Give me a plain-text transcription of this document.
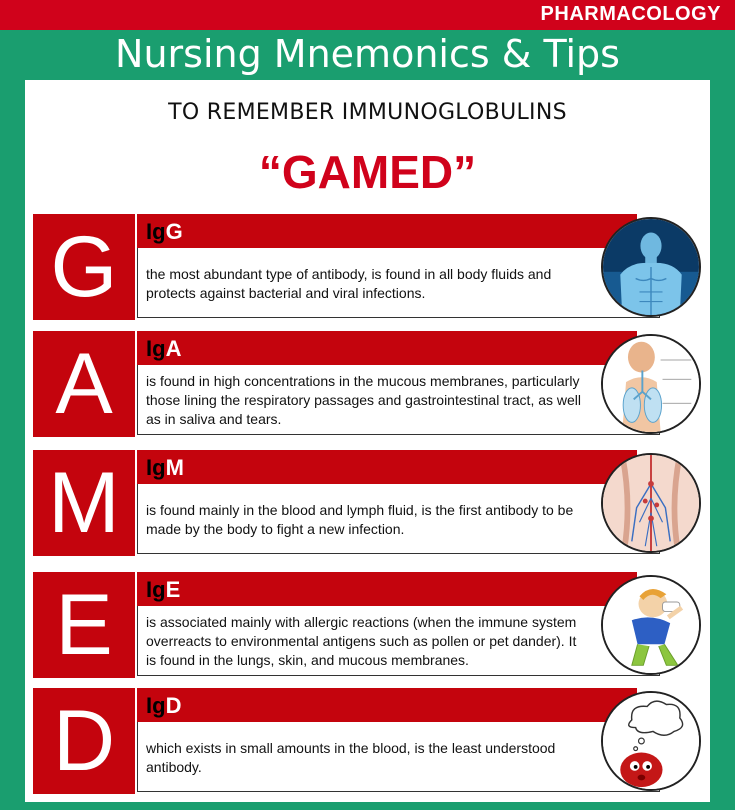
PHARMACOLOGY
Nursing Mnemonics & Tips
TO REMEMBER IMMUNOGLOBULINS
“GAMED”
G	IgG
the most abundant type of antibody, is found in all body fluids and protects against bacterial and viral infections.
A	IgA
is found in high concentrations in the mucous membranes, particularly those lining the respiratory passages and gastrointestinal tract, as well as in saliva and tears.
M	IgM
is found mainly in the blood and lymph fluid, is the first antibody to be made by the body to fight a new infection.
E	IgE
is associated mainly with allergic reactions (when the immune system overreacts to environmental antigens such as pollen or pet dander). It is found in the lungs, skin, and mucous membranes.
D	IgD
which exists in small amounts in the blood, is the least understood antibody.
